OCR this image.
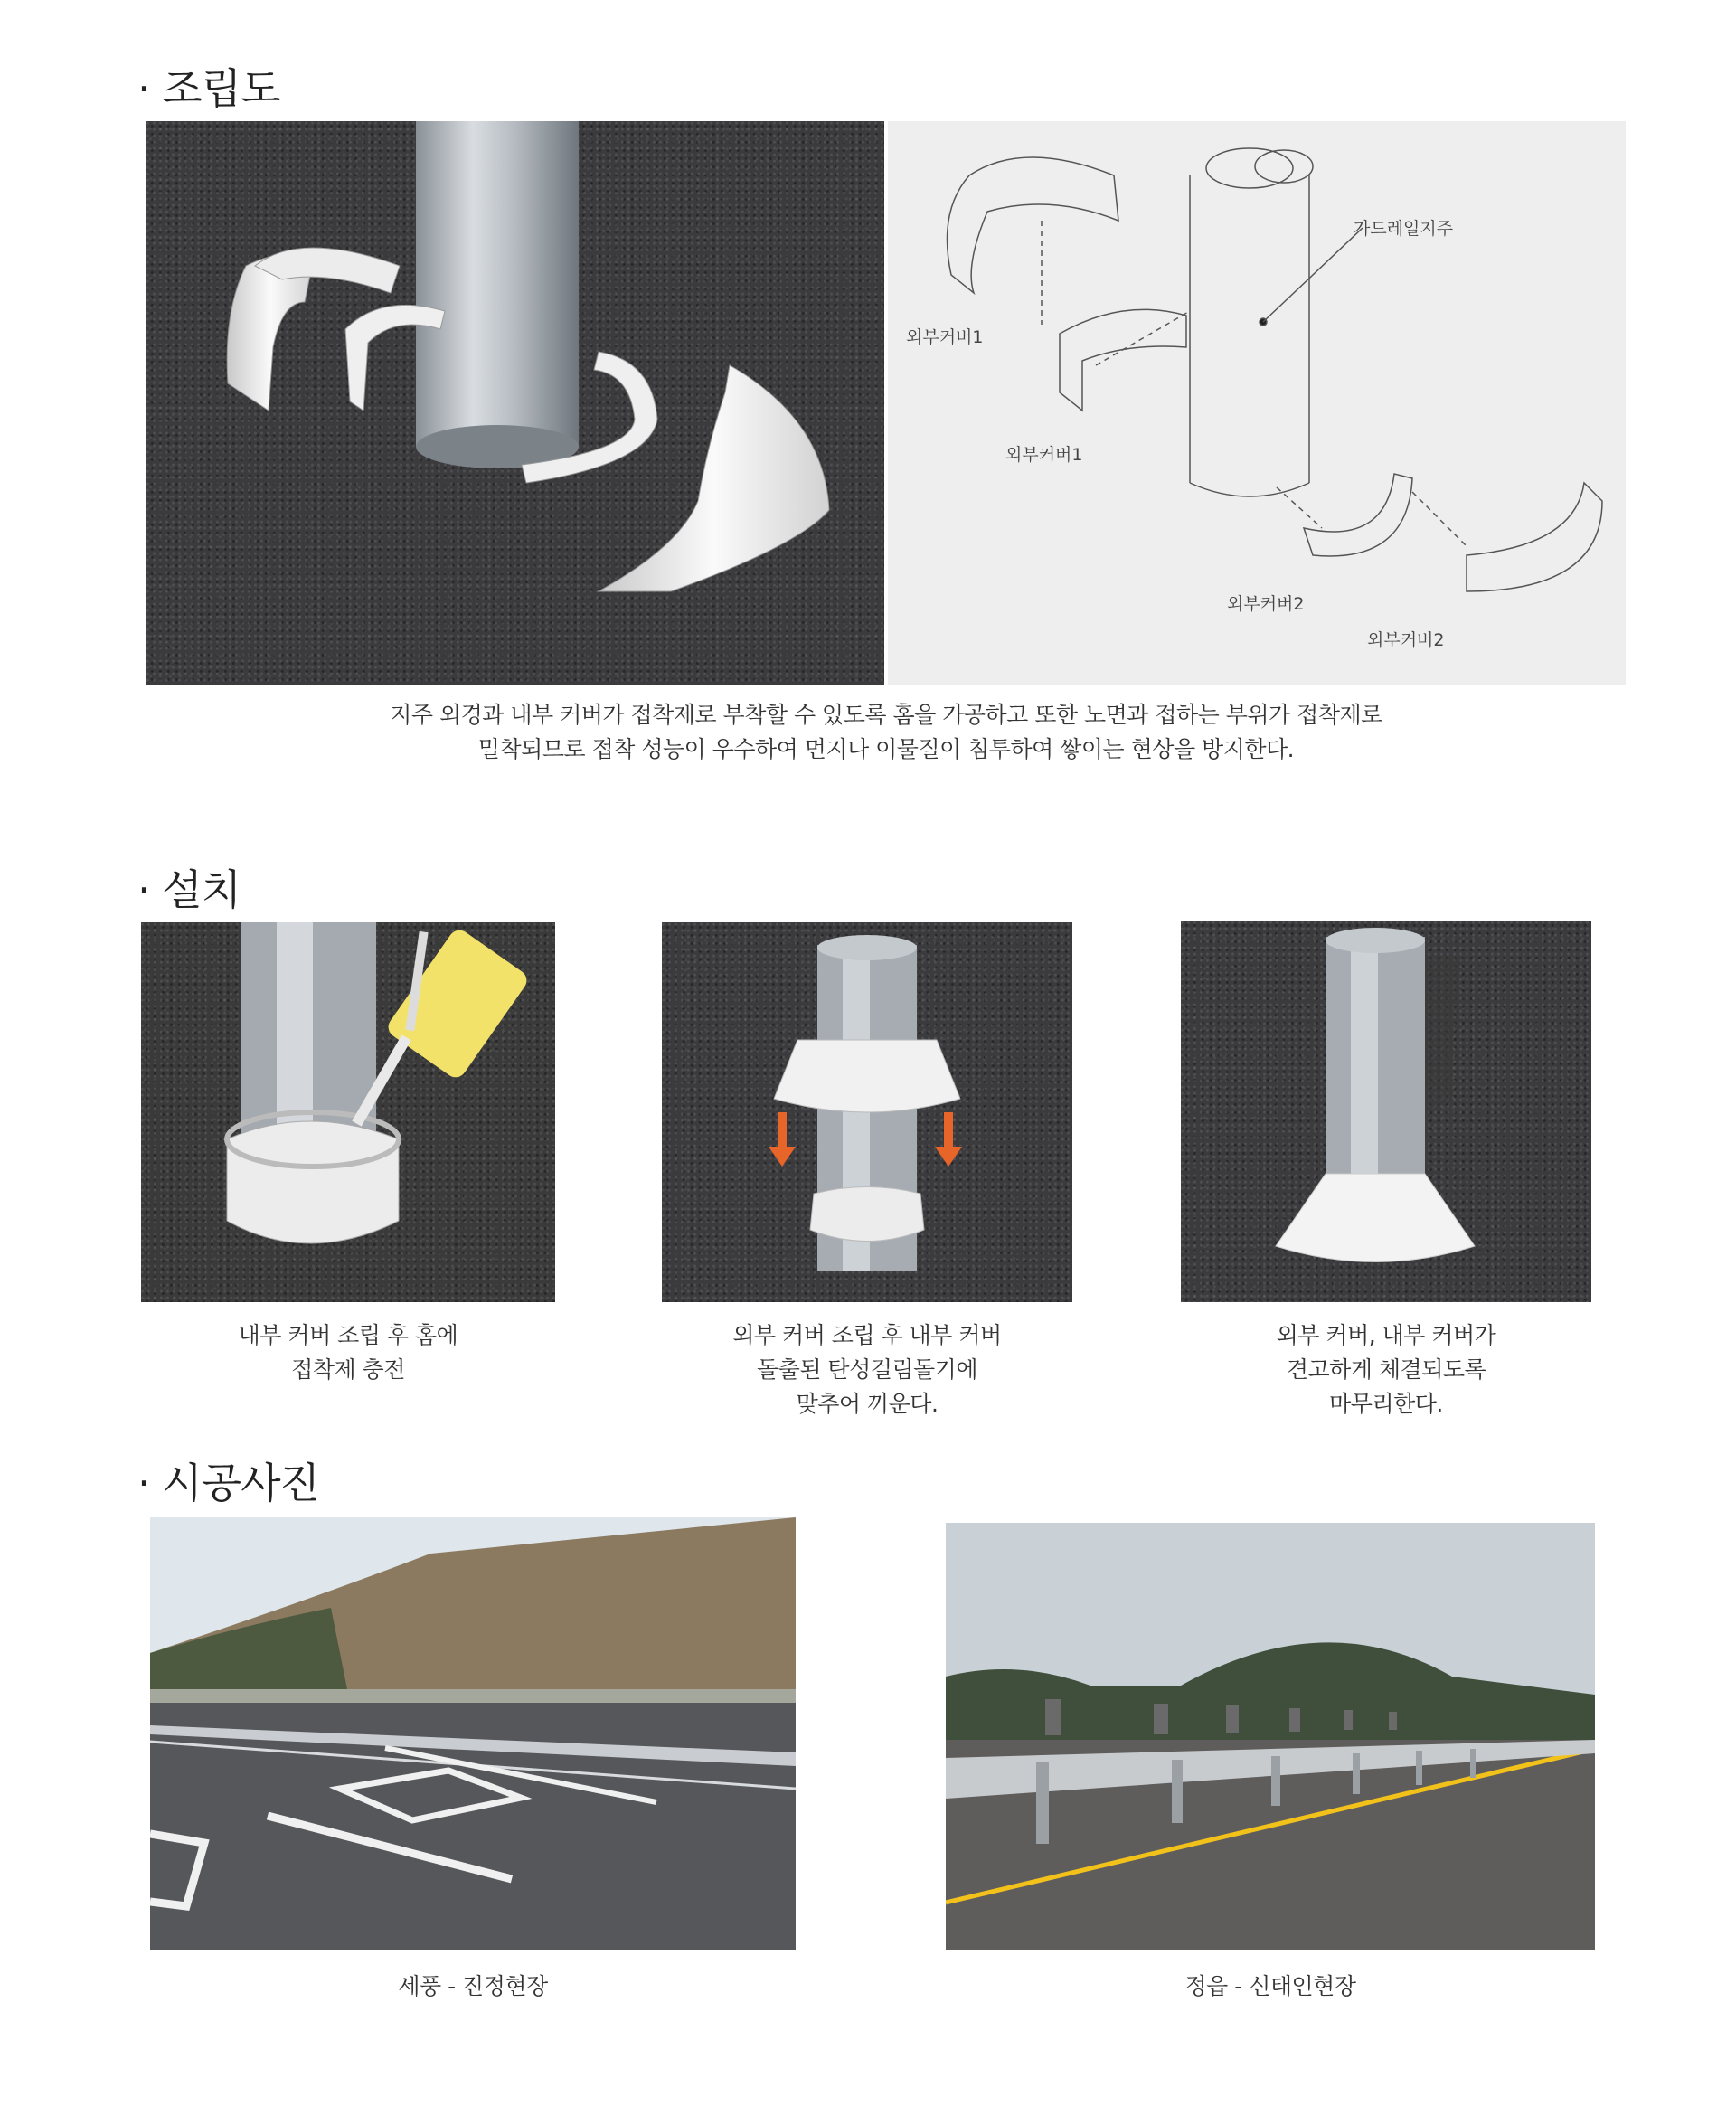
· 조립도
가드레일지주
외부커버1
외부커버1
외부커버2
외부커버2
지주 외경과 내부 커버가 접착제로 부착할 수 있도록 홈을 가공하고 또한 노면과 접하는 부위가 접착제로
밀착되므로 접착 성능이 우수하여 먼지나 이물질이 침투하여 쌓이는 현상을 방지한다.
· 설치
내부 커버 조립 후 홈에
접착제 충전
외부 커버 조립 후 내부 커버
돌출된 탄성걸림돌기에
맞추어 끼운다.
외부 커버, 내부 커버가
견고하게 체결되도록
마무리한다.
· 시공사진
세풍 - 진정현장	정읍 - 신태인현장
